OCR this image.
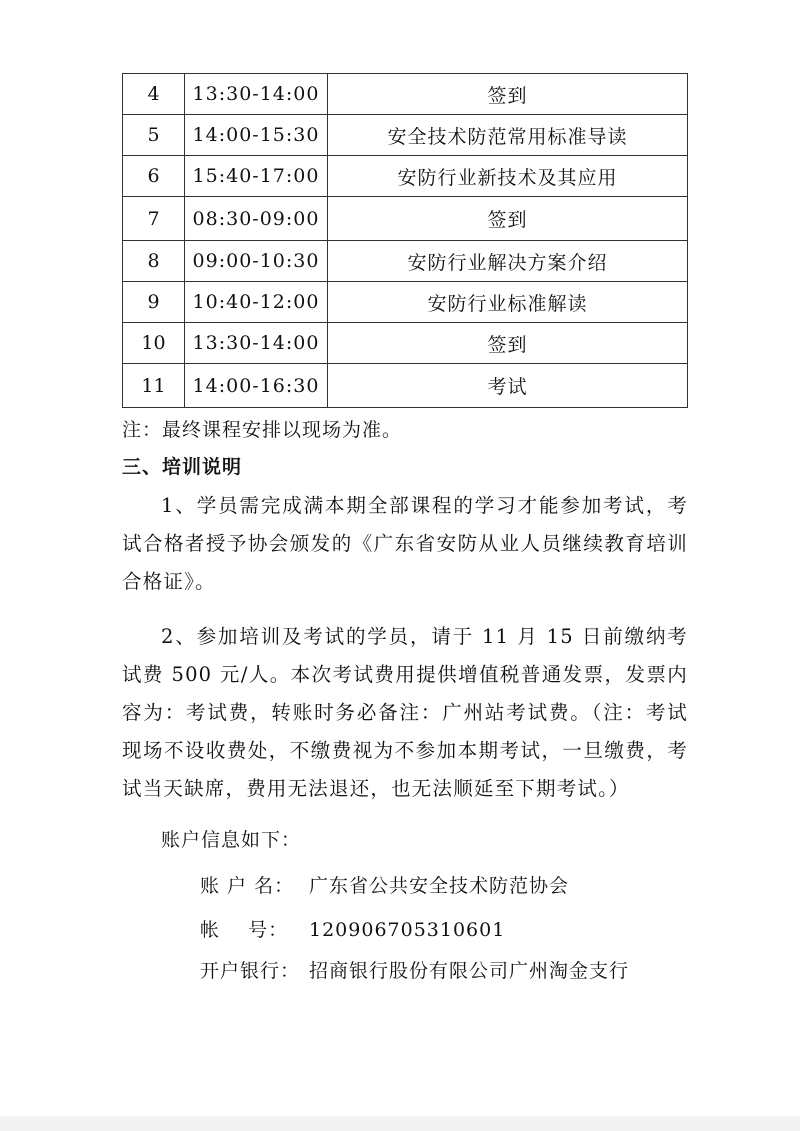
4	13:30-14:00	签到
5	14:00-15:30	安全技术防范常用标准导读
6	15:40-17:00	安防行业新技术及其应用
7	08:30-09:00	签到
8	09:00-10:30	安防行业解决方案介绍
9	10:40-12:00	安防行业标准解读
10	13:30-14:00	签到
11	14:00-16:30	考试
注：最终课程安排以现场为准。
三、培训说明
1、学员需完成满本期全部课程的学习才能参加考试，考试合格者授予协会颁发的《广东省安防从业人员继续教育培训合格证》。
2、参加培训及考试的学员，请于 11 月 15 日前缴纳考试费 500 元/人。本次考试费用提供增值税普通发票，发票内容为：考试费，转账时务必备注：广州站考试费。（注：考试现场不设收费处，不缴费视为不参加本期考试，一旦缴费，考试当天缺席，费用无法退还，也无法顺延至下期考试。）
账户信息如下：
账 户 名： 广东省公共安全技术防范协会
帐    号： 120906705310601
开户银行： 招商银行股份有限公司广州淘金支行
